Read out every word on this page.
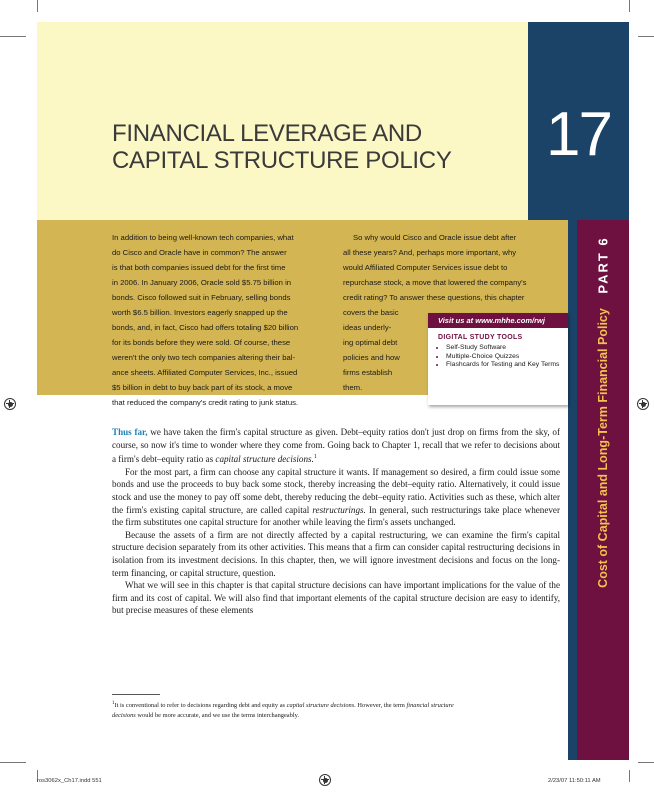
17
FINANCIAL LEVERAGE AND
CAPITAL STRUCTURE POLICY
PART 6
Cost of Capital and Long-Term Financial Policy
In addition to being well-known tech companies, what
do Cisco and Oracle have in common? The answer
is that both companies issued debt for the first time
in 2006. In January 2006, Oracle sold $5.75 billion in
bonds. Cisco followed suit in February, selling bonds
worth $6.5 billion. Investors eagerly snapped up the
bonds, and, in fact, Cisco had offers totaling $20 billion
for its bonds before they were sold. Of course, these
weren't the only two tech companies altering their bal-
ance sheets. Affiliated Computer Services, Inc., issued
$5 billion in debt to buy back part of its stock, a move
that reduced the company's credit rating to junk status.
So why would Cisco and Oracle issue debt after
all these years? And, perhaps more important, why
would Affiliated Computer Services issue debt to
repurchase stock, a move that lowered the company's
credit rating? To answer these questions, this chapter
covers the basic
ideas underly-
ing optimal debt
policies and how
firms establish
them.
Visit us at www.mhhe.com/rwj
DIGITAL STUDY TOOLS
• Self-Study Software
• Multiple-Choice Quizzes
• Flashcards for Testing and Key Terms

Thus far, we have taken the firm's capital structure as given. Debt–equity ratios don't just drop on firms from the sky, of course, so now it's time to wonder where they come from. Going back to Chapter 1, recall that we refer to decisions about a firm's debt–equity ratio as capital structure decisions.$^1$

For the most part, a firm can choose any capital structure it wants. If management so desired, a firm could issue some bonds and use the proceeds to buy back some stock, thereby increasing the debt–equity ratio. Alternatively, it could issue stock and use the money to pay off some debt, thereby reducing the debt–equity ratio. Activities such as these, which alter the firm's existing capital structure, are called capital restructurings. In general, such restructurings take place whenever the firm substitutes one capital structure for another while leaving the firm's assets unchanged.

Because the assets of a firm are not directly affected by a capital restructuring, we can examine the firm's capital structure decision separately from its other activities. This means that a firm can consider capital restructuring decisions in isolation from its investment decisions. In this chapter, then, we will ignore investment decisions and focus on the long-term financing, or capital structure, question.

What we will see in this chapter is that capital structure decisions can have important implications for the value of the firm and its cost of capital. We will also find that important elements of the capital structure decision are easy to identify, but precise measures of these elements

$^1$It is conventional to refer to decisions regarding debt and equity as capital structure decisions. However, the term financial structure decisions would be more accurate, and we use the terms interchangeably.
551
ros3062x_Ch17.indd 551	2/23/07 11:50:11 AM
